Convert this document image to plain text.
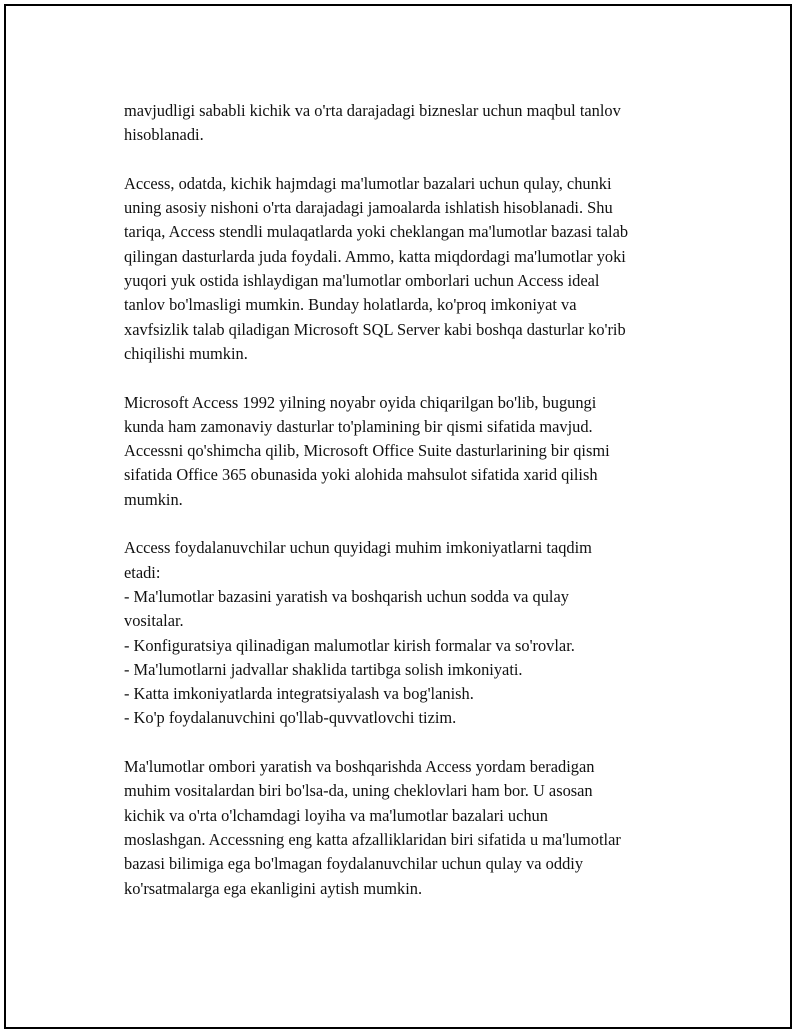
mavjudligi sababli kichik va o'rta darajadagi bizneslar uchun maqbul tanlov
hisoblanadi.

Access, odatda, kichik hajmdagi ma'lumotlar bazalari uchun qulay, chunki
uning asosiy nishoni o'rta darajadagi jamoalarda ishlatish hisoblanadi. Shu
tariqa, Access stendli mulaqatlarda yoki cheklangan ma'lumotlar bazasi talab
qilingan dasturlarda juda foydali. Ammo, katta miqdordagi ma'lumotlar yoki
yuqori yuk ostida ishlaydigan ma'lumotlar omborlari uchun Access ideal
tanlov bo'lmasligi mumkin. Bunday holatlarda, ko'proq imkoniyat va
xavfsizlik talab qiladigan Microsoft SQL Server kabi boshqa dasturlar ko'rib
chiqilishi mumkin.

Microsoft Access 1992 yilning noyabr oyida chiqarilgan bo'lib, bugungi
kunda ham zamonaviy dasturlar to'plamining bir qismi sifatida mavjud.
Accessni qo'shimcha qilib, Microsoft Office Suite dasturlarining bir qismi
sifatida Office 365 obunasida yoki alohida mahsulot sifatida xarid qilish
mumkin.

Access foydalanuvchilar uchun quyidagi muhim imkoniyatlarni taqdim
etadi:
- Ma'lumotlar bazasini yaratish va boshqarish uchun sodda va qulay
vositalar.
- Konfiguratsiya qilinadigan malumotlar kirish formalar va so'rovlar.
- Ma'lumotlarni jadvallar shaklida tartibga solish imkoniyati.
- Katta imkoniyatlarda integratsiyalash va bog'lanish.
- Ko'p foydalanuvchini qo'llab-quvvatlovchi tizim.

Ma'lumotlar ombori yaratish va boshqarishda Access yordam beradigan
muhim vositalardan biri bo'lsa-da, uning cheklovlari ham bor. U asosan
kichik va o'rta o'lchamdagi loyiha va ma'lumotlar bazalari uchun
moslashgan. Accessning eng katta afzalliklaridan biri sifatida u ma'lumotlar
bazasi bilimiga ega bo'lmagan foydalanuvchilar uchun qulay va oddiy
ko'rsatmalarga ega ekanligini aytish mumkin.
